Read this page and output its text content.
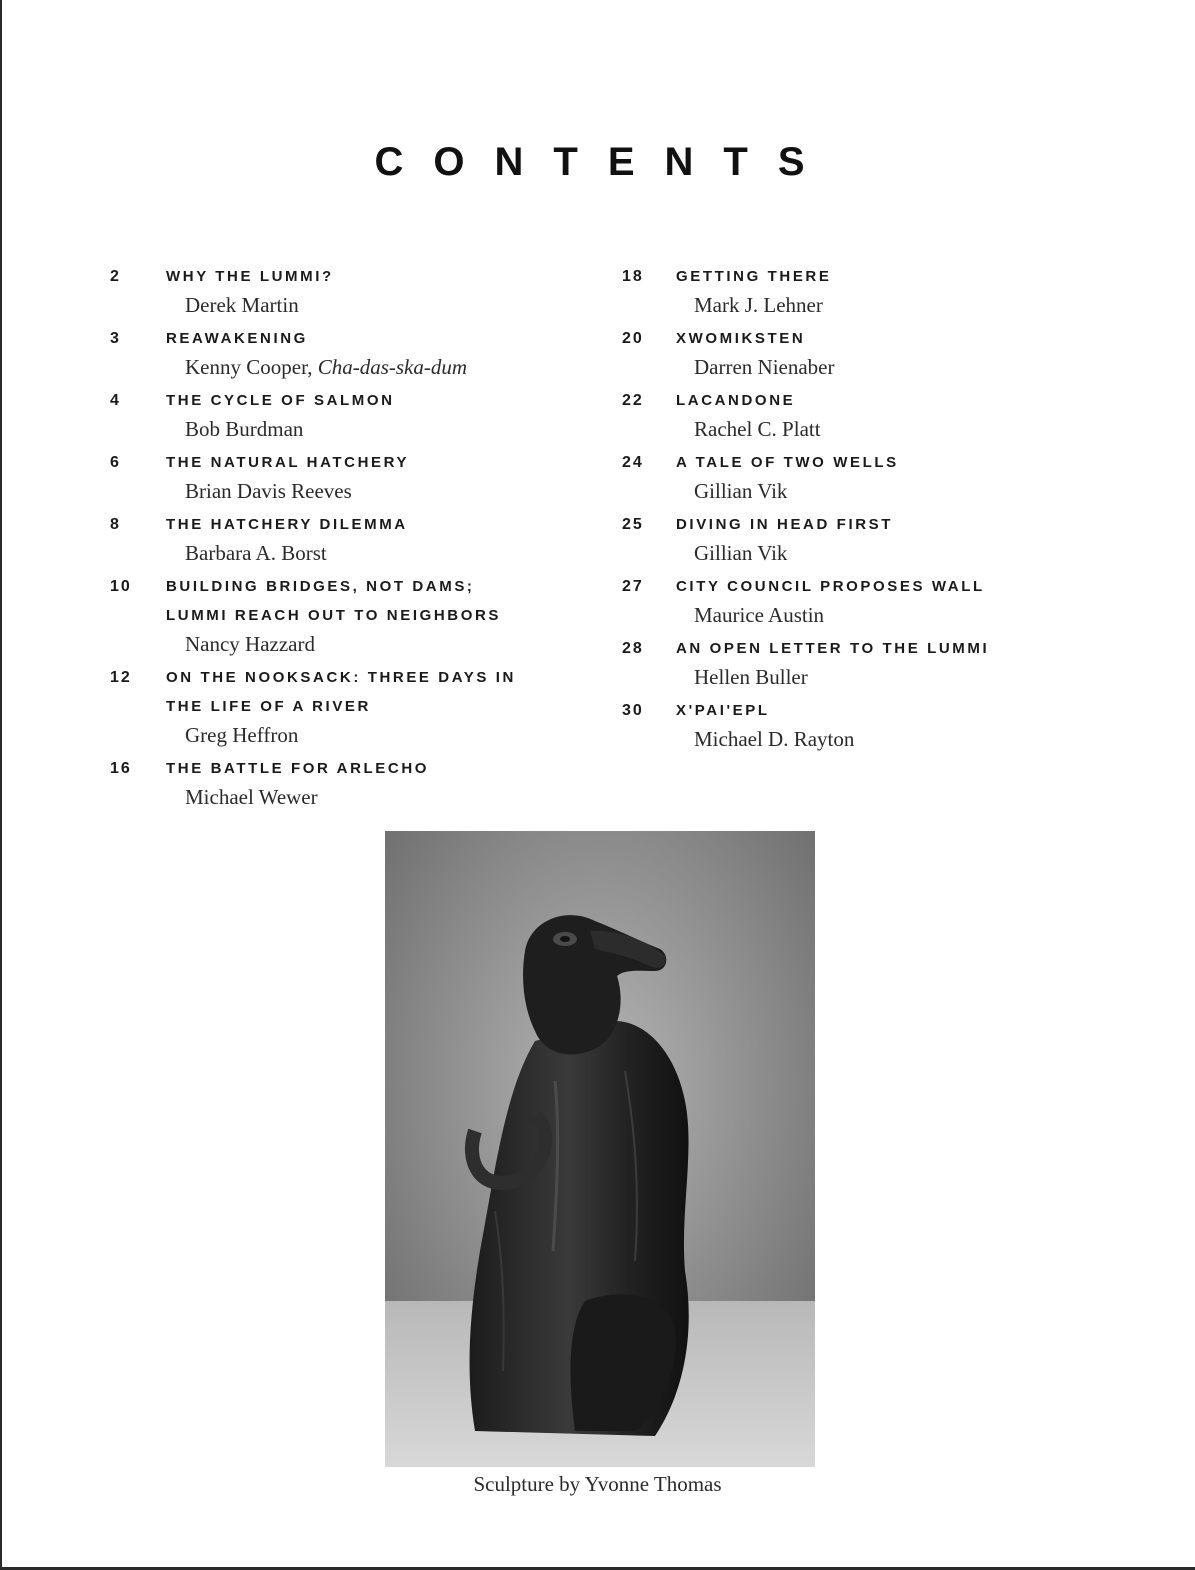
CONTENTS
2	WHY THE LUMMI?
Derek Martin
3	REAWAKENING
Kenny Cooper, Cha-das-ska-dum
4	THE CYCLE OF SALMON
Bob Burdman
6	THE NATURAL HATCHERY
Brian Davis Reeves
8	THE HATCHERY DILEMMA
Barbara A. Borst
10	BUILDING BRIDGES, NOT DAMS;
LUMMI REACH OUT TO NEIGHBORS
Nancy Hazzard
12	ON THE NOOKSACK: THREE DAYS IN
THE LIFE OF A RIVER
Greg Heffron
16	THE BATTLE FOR ARLECHO
Michael Wewer
18	GETTING THERE
Mark J. Lehner
20	XWOMIKSTEN
Darren Nienaber
22	LACANDONE
Rachel C. Platt
24	A TALE OF TWO WELLS
Gillian Vik
25	DIVING IN HEAD FIRST
Gillian Vik
27	CITY COUNCIL PROPOSES WALL
Maurice Austin
28	AN OPEN LETTER TO THE LUMMI
Hellen Buller
30	X'PAI'EPL
Michael D. Rayton
Sculpture by Yvonne Thomas
